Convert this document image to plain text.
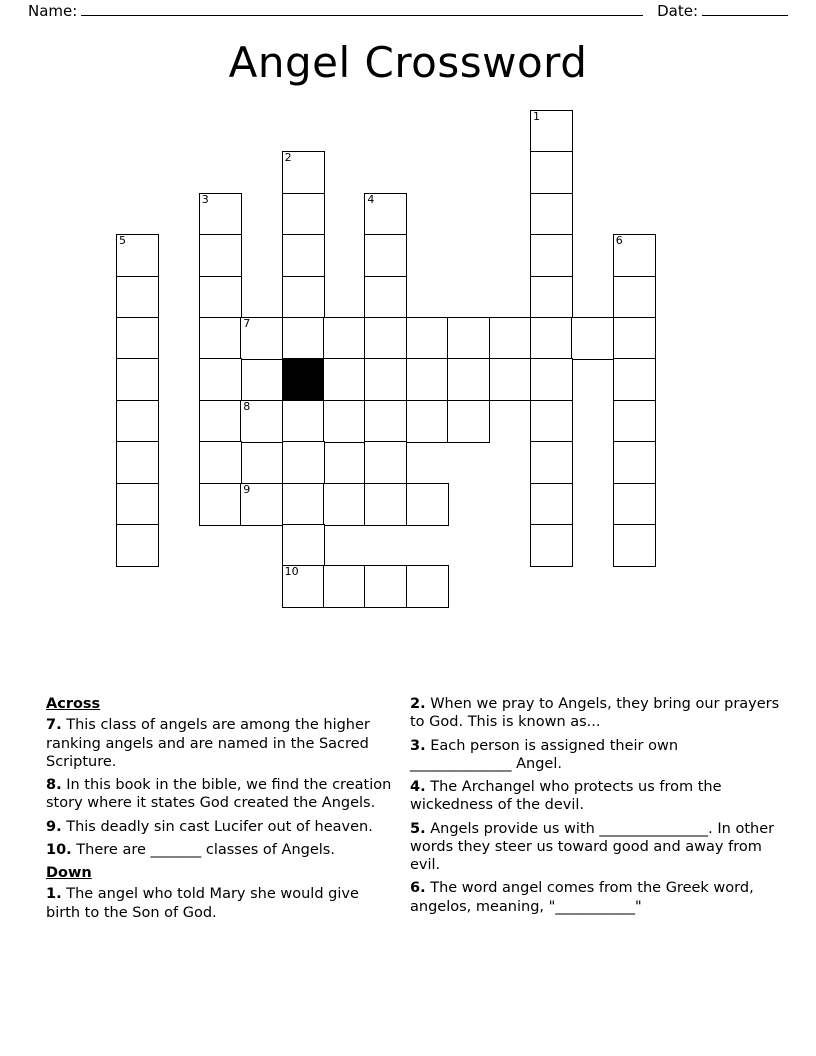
Name:	Date:
Angel Crossword
1
2
3	4
5	6
7
8
9
10
Across
7. This class of angels are among the higher ranking angels and are named in the Sacred Scripture.
8. In this book in the bible, we find the creation story where it states God created the Angels.
9. This deadly sin cast Lucifer out of heaven.
10. There are _______ classes of Angels.
Down
1. The angel who told Mary she would give birth to the Son of God.
2. When we pray to Angels, they bring our prayers to God. This is known as...
3. Each person is assigned their own ______________ Angel.
4. The Archangel who protects us from the wickedness of the devil.
5. Angels provide us with _______________. In other words they steer us toward good and away from evil.
6. The word angel comes from the Greek word, angelos, meaning, "___________"
